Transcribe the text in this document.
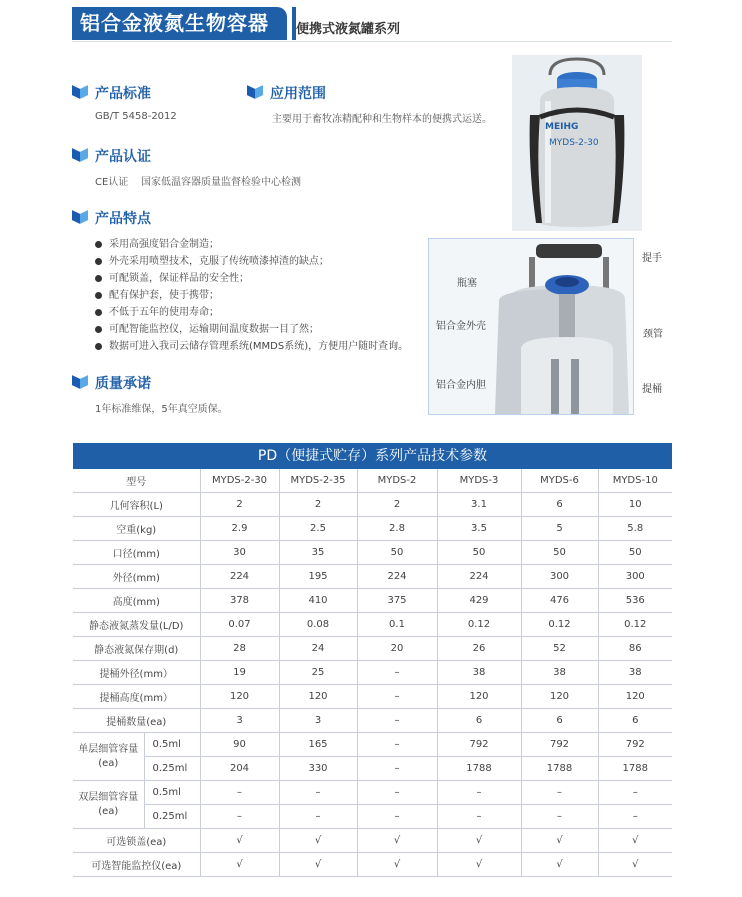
铝合金液氮生物容器	便携式液氮罐系列
产品标准
GB/T 5458-2012
应用范围
主要用于畜牧冻精配种和生物样本的便携式运送。
产品认证
CE认证    国家低温容器质量监督检验中心检测
产品特点
采用高强度铝合金制造；
外壳采用喷塑技术，克服了传统喷漆掉渣的缺点；
可配锁盖，保证样品的安全性；
配有保护套，使于携带；
不低于五年的使用寿命；
可配智能监控仪，运输期间温度数据一目了然；
数据可进入我司云储存管理系统(MMDS系统)，方便用户随时查询。
质量承诺
1年标准维保，5年真空质保。
MEIHG
MYDS-2-30
提手
瓶塞
铝合金外壳
颈管
铝合金内胆	提桶
PD（便捷式贮存）系列产品技术参数
型号		MYDS-2-30	MYDS-2-35	MYDS-2	MYDS-3	MYDS-6	MYDS-10
几何容积(L)		2	2	2	3.1	6	10
空重(kg)		2.9	2.5	2.8	3.5	5	5.8
口径(mm)		30	35	50	50	50	50
外径(mm)		224	195	224	224	300	300
高度(mm)		378	410	375	429	476	536
静态液氮蒸发量(L/D)		0.07	0.08	0.1	0.12	0.12	0.12
静态液氮保存期(d)		28	24	20	26	52	86
提桶外径(mm）		19	25	–	38	38	38
提桶高度(mm）		120	120	–	120	120	120
提桶数量(ea)		3	3	–	6	6	6
单层细管容量(ea)	0.5ml	90	165	–	792	792	792
	0.25ml	204	330	–	1788	1788	1788
双层细管容量(ea)	0.5ml	–	–	–	–	–	–
	0.25ml	–	–	–	–	–	–
可选锁盖(ea)		√	√	√	√	√	√
可选智能监控仪(ea)		√	√	√	√	√	√
